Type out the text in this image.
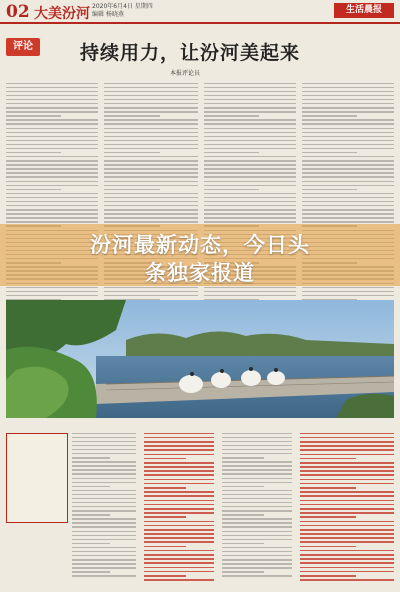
02 大美汾河 2020年6月4日 星期四
编辑 杨晓燕	生活晨报
评论	持续用力，让汾河美起来
本报评论员
汾河最新动态，今日头
条独家报道
